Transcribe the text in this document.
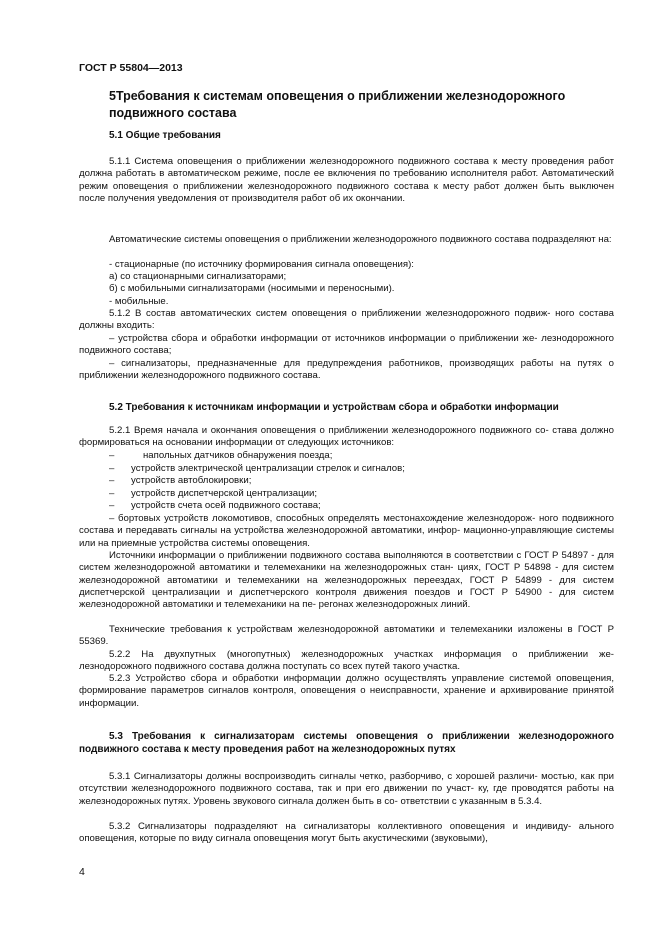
ГОСТ Р 55804—2013
5Требования к системам оповещения о приближении железнодорожного подвижного состава
5.1 Общие требования

5.1.1 Система оповещения о приближении железнодорожного подвижного состава к месту проведения работ должна работать в автоматическом режиме, после ее включения по требованию исполнителя работ. Автоматический режим оповещения о приближении железнодорожного подвижного состава к месту работ должен быть выключен после получения уведомления от производителя работ об их окончании.

Автоматические системы оповещения о приближении железнодорожного подвижного состава подразделяют на:

- стационарные (по источнику формирования сигнала оповещения):

а) со стационарными сигнализаторами;

б) с мобильными сигнализаторами (носимыми и переносными).

- мобильные.

5.1.2 В состав автоматических систем оповещения о приближении железнодорожного подвиж- ного состава должны входить:

– устройства сбора и обработки информации от источников информации о приближении же- лезнодорожного подвижного состава;

– сигнализаторы, предназначенные для предупреждения работников, производящих работы на путях о приближении железнодорожного подвижного состава.

5.2 Требования к источникам информации и устройствам сбора и обработки информации

5.2.1 Время начала и окончания оповещения о приближении железнодорожного подвижного со- става должно формироваться на основании информации от следующих источников:

–	напольных датчиков обнаружения поезда;

– устройств электрической централизации стрелок и сигналов;

– устройств автоблокировки;

– устройств диспетчерской централизации;

– устройств счета осей подвижного состава;

– бортовых устройств локомотивов, способных определять местонахождение железнодорож- ного подвижного состава и передавать сигналы на устройства железнодорожной автоматики, инфор- мационно-управляющие системы или на приемные устройства системы оповещения.

Источники информации о приближении подвижного состава выполняются в соответствии с ГОСТ Р 54897 - для систем железнодорожной автоматики и телемеханики на железнодорожных стан- циях, ГОСТ Р 54898 - для систем железнодорожной автоматики и телемеханики на железнодорожных переездах, ГОСТ Р 54899 - для систем диспетчерской централизации и диспетчерского контроля движения поездов и ГОСТ Р 54900 - для систем железнодорожной автоматики и телемеханики на пе- регонах железнодорожных линий.

Технические требования к устройствам железнодорожной автоматики и телемеханики изложены в ГОСТ Р 55369.

5.2.2 На двухпутных (многопутных) железнодорожных участках информация о приближении же- лезнодорожного подвижного состава должна поступать со всех путей такого участка.

5.2.3 Устройство сбора и обработки информации должно осуществлять управление системой оповещения, формирование параметров сигналов контроля, оповещения о неисправности, хранение и архивирование принятой информации.

5.3 Требования к сигнализаторам системы оповещения о приближении железнодорожного подвижного состава к месту проведения работ на железнодорожных путях

5.3.1 Сигнализаторы должны воспроизводить сигналы четко, разборчиво, с хорошей различи- мостью, как при отсутствии железнодорожного подвижного состава, так и при его движении по участ- ку, где проводятся работы на железнодорожных путях. Уровень звукового сигнала должен быть в со- ответствии с указанным в 5.3.4.

5.3.2 Сигнализаторы подразделяют на сигнализаторы коллективного оповещения и индивиду- ального оповещения, которые по виду сигнала оповещения могут быть акустическими (звуковыми),

4
